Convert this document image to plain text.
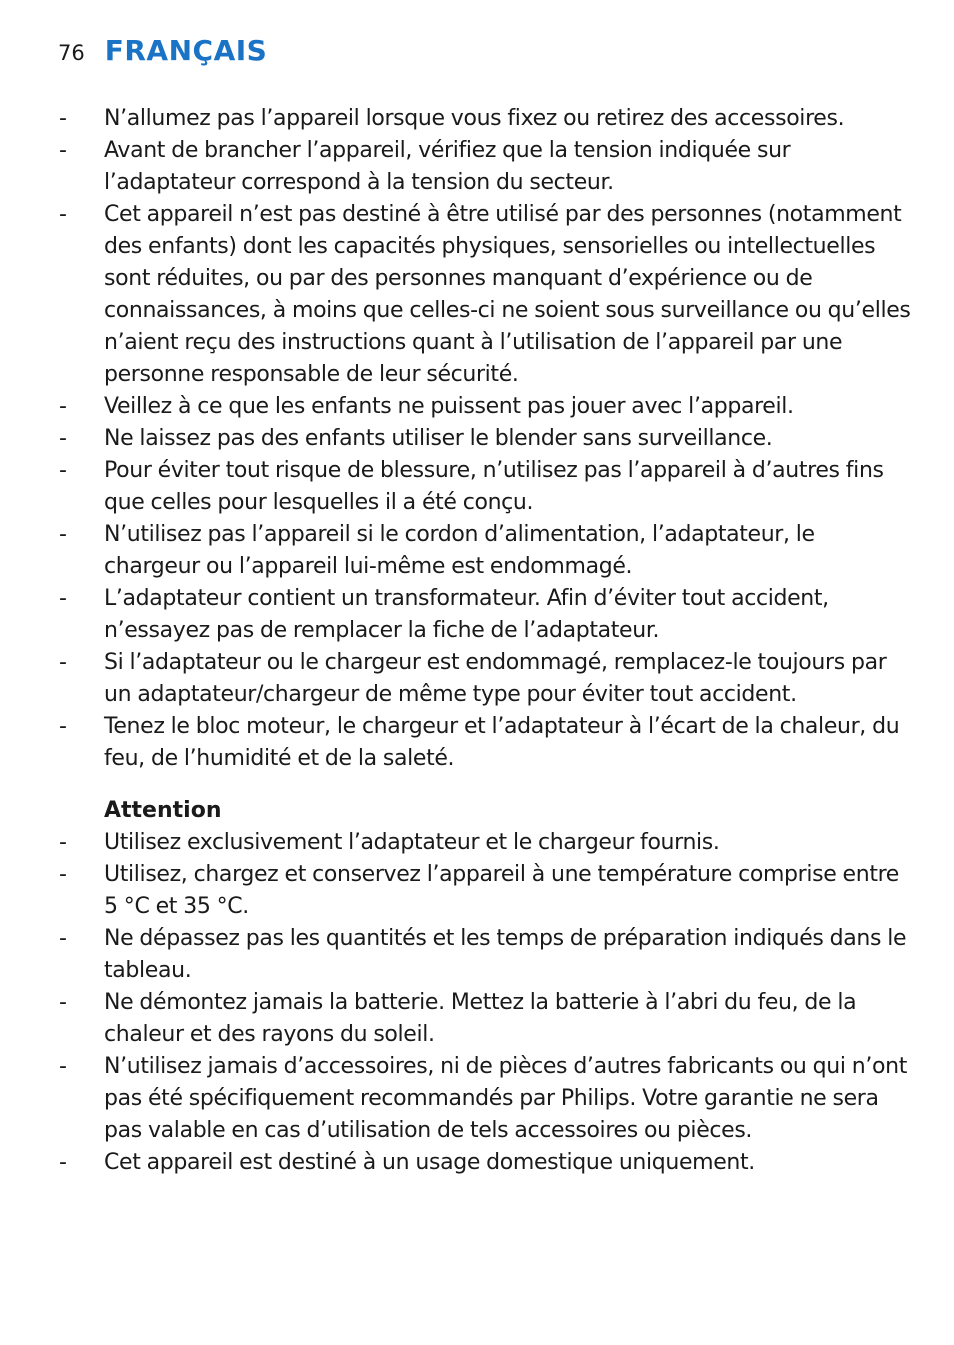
76 FRANÇAIS
- N’allumez pas l’appareil lorsque vous fixez ou retirez des accessoires.
- Avant de brancher l’appareil, vérifiez que la tension indiquée sur l’adaptateur correspond à la tension du secteur.
- Cet appareil n’est pas destiné à être utilisé par des personnes (notamment des enfants) dont les capacités physiques, sensorielles ou intellectuelles sont réduites, ou par des personnes manquant d’expérience ou de connaissances, à moins que celles-ci ne soient sous surveillance ou qu’elles n’aient reçu des instructions quant à l’utilisation de l’appareil par une personne responsable de leur sécurité.
- Veillez à ce que les enfants ne puissent pas jouer avec l’appareil.
- Ne laissez pas des enfants utiliser le blender sans surveillance.
- Pour éviter tout risque de blessure, n’utilisez pas l’appareil à d’autres fins que celles pour lesquelles il a été conçu.
- N’utilisez pas l’appareil si le cordon d’alimentation, l’adaptateur, le chargeur ou l’appareil lui-même est endommagé.
- L’adaptateur contient un transformateur. Afin d’éviter tout accident, n’essayez pas de remplacer la fiche de l’adaptateur.
- Si l’adaptateur ou le chargeur est endommagé, remplacez-le toujours par un adaptateur/chargeur de même type pour éviter tout accident.
- Tenez le bloc moteur, le chargeur et l’adaptateur à l’écart de la chaleur, du feu, de l’humidité et de la saleté.
Attention
- Utilisez exclusivement l’adaptateur et le chargeur fournis.
- Utilisez, chargez et conservez l’appareil à une température comprise entre 5 °C et 35 °C.
- Ne dépassez pas les quantités et les temps de préparation indiqués dans le tableau.
- Ne démontez jamais la batterie. Mettez la batterie à l’abri du feu, de la chaleur et des rayons du soleil.
- N’utilisez jamais d’accessoires, ni de pièces d’autres fabricants ou qui n’ont pas été spécifiquement recommandés par Philips. Votre garantie ne sera pas valable en cas d’utilisation de tels accessoires ou pièces.
- Cet appareil est destiné à un usage domestique uniquement.
